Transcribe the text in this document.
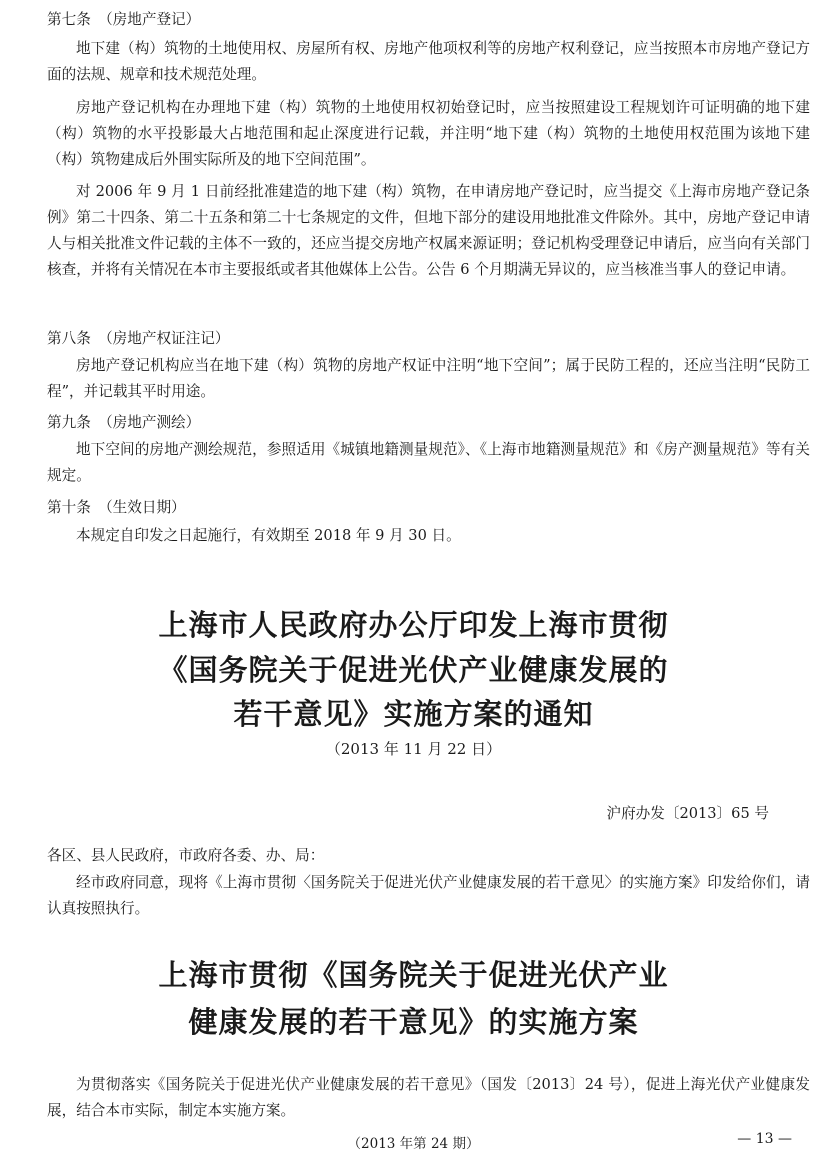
第七条　（房地产登记）

地下建（构）筑物的土地使用权、房屋所有权、房地产他项权利等的房地产权利登记，应当按照本市房地产登记方面的法规、规章和技术规范处理。

房地产登记机构在办理地下建（构）筑物的土地使用权初始登记时，应当按照建设工程规划许可证明确的地下建（构）筑物的水平投影最大占地范围和起止深度进行记载，并注明“地下建（构）筑物的土地使用权范围为该地下建（构）筑物建成后外围实际所及的地下空间范围”。

对 2006 年 9 月 1 日前经批准建造的地下建（构）筑物，在申请房地产登记时，应当提交《上海市房地产登记条例》第二十四条、第二十五条和第二十七条规定的文件，但地下部分的建设用地批准文件除外。其中，房地产登记申请人与相关批准文件记载的主体不一致的，还应当提交房地产权属来源证明；登记机构受理登记申请后，应当向有关部门核查，并将有关情况在本市主要报纸或者其他媒体上公告。公告 6 个月期满无异议的，应当核准当事人的登记申请。

第八条　（房地产权证注记）

房地产登记机构应当在地下建（构）筑物的房地产权证中注明“地下空间”；属于民防工程的，还应当注明“民防工程”，并记载其平时用途。

第九条　（房地产测绘）

地下空间的房地产测绘规范，参照适用《城镇地籍测量规范》、《上海市地籍测量规范》和《房产测量规范》等有关规定。

第十条　（生效日期）

本规定自印发之日起施行，有效期至 2018 年 9 月 30 日。

上海市人民政府办公厅印发上海市贯彻
《国务院关于促进光伏产业健康发展的
若干意见》实施方案的通知
（2013 年 11 月 22 日）
沪府办发〔2013〕65 号
各区、县人民政府，市政府各委、办、局：

经市政府同意，现将《上海市贯彻〈国务院关于促进光伏产业健康发展的若干意见〉的实施方案》印发给你们，请认真按照执行。

上海市贯彻《国务院关于促进光伏产业
健康发展的若干意见》的实施方案

为贯彻落实《国务院关于促进光伏产业健康发展的若干意见》（国发〔2013〕24 号），促进上海光伏产业健康发展，结合本市实际，制定本实施方案。

（2013 年第 24 期）	— 13 —
